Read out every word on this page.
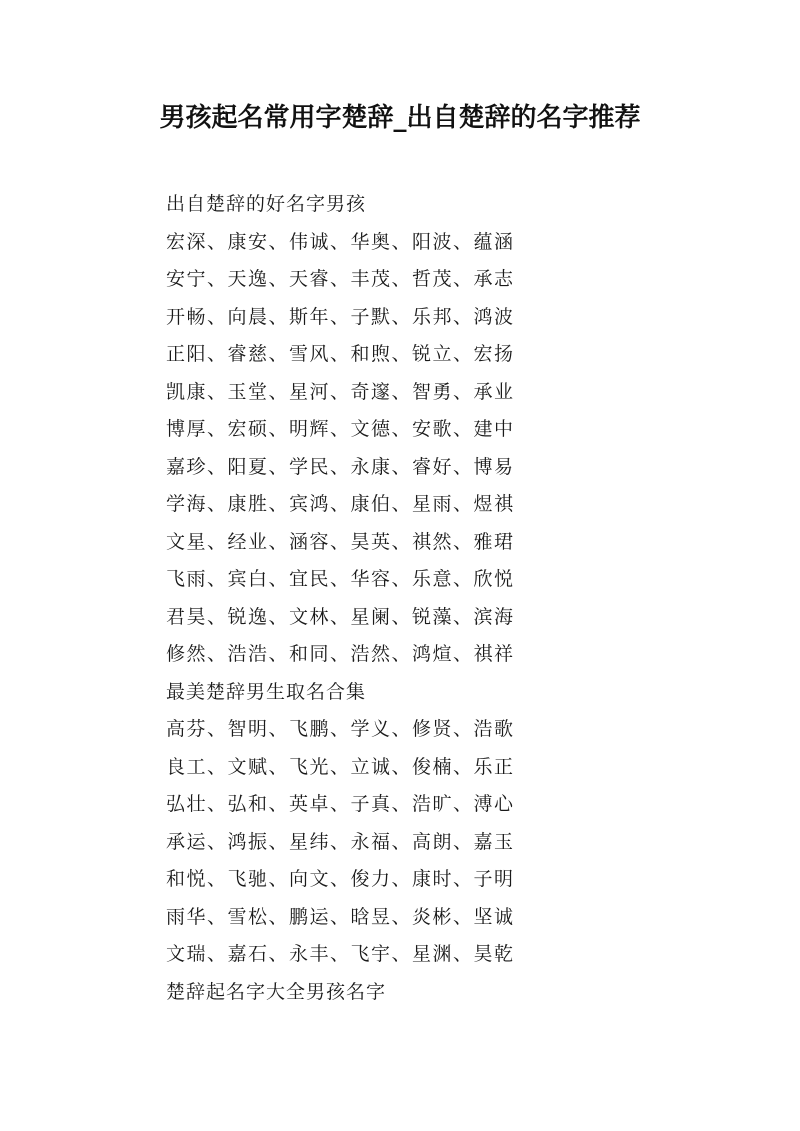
男孩起名常用字楚辞_出自楚辞的名字推荐
出自楚辞的好名字男孩
宏深、康安、伟诚、华奥、阳波、蕴涵
安宁、天逸、天睿、丰茂、哲茂、承志
开畅、向晨、斯年、子默、乐邦、鸿波
正阳、睿慈、雪风、和煦、锐立、宏扬
凯康、玉堂、星河、奇邃、智勇、承业
博厚、宏硕、明辉、文德、安歌、建中
嘉珍、阳夏、学民、永康、睿好、博易
学海、康胜、宾鸿、康伯、星雨、煜祺
文星、经业、涵容、昊英、祺然、雅珺
飞雨、宾白、宜民、华容、乐意、欣悦
君昊、锐逸、文林、星阑、锐藻、滨海
修然、浩浩、和同、浩然、鸿煊、祺祥
最美楚辞男生取名合集
高芬、智明、飞鹏、学义、修贤、浩歌
良工、文赋、飞光、立诚、俊楠、乐正
弘壮、弘和、英卓、子真、浩旷、溥心
承运、鸿振、星纬、永福、高朗、嘉玉
和悦、飞驰、向文、俊力、康时、子明
雨华、雪松、鹏运、晗昱、炎彬、坚诚
文瑞、嘉石、永丰、飞宇、星渊、昊乾
楚辞起名字大全男孩名字
